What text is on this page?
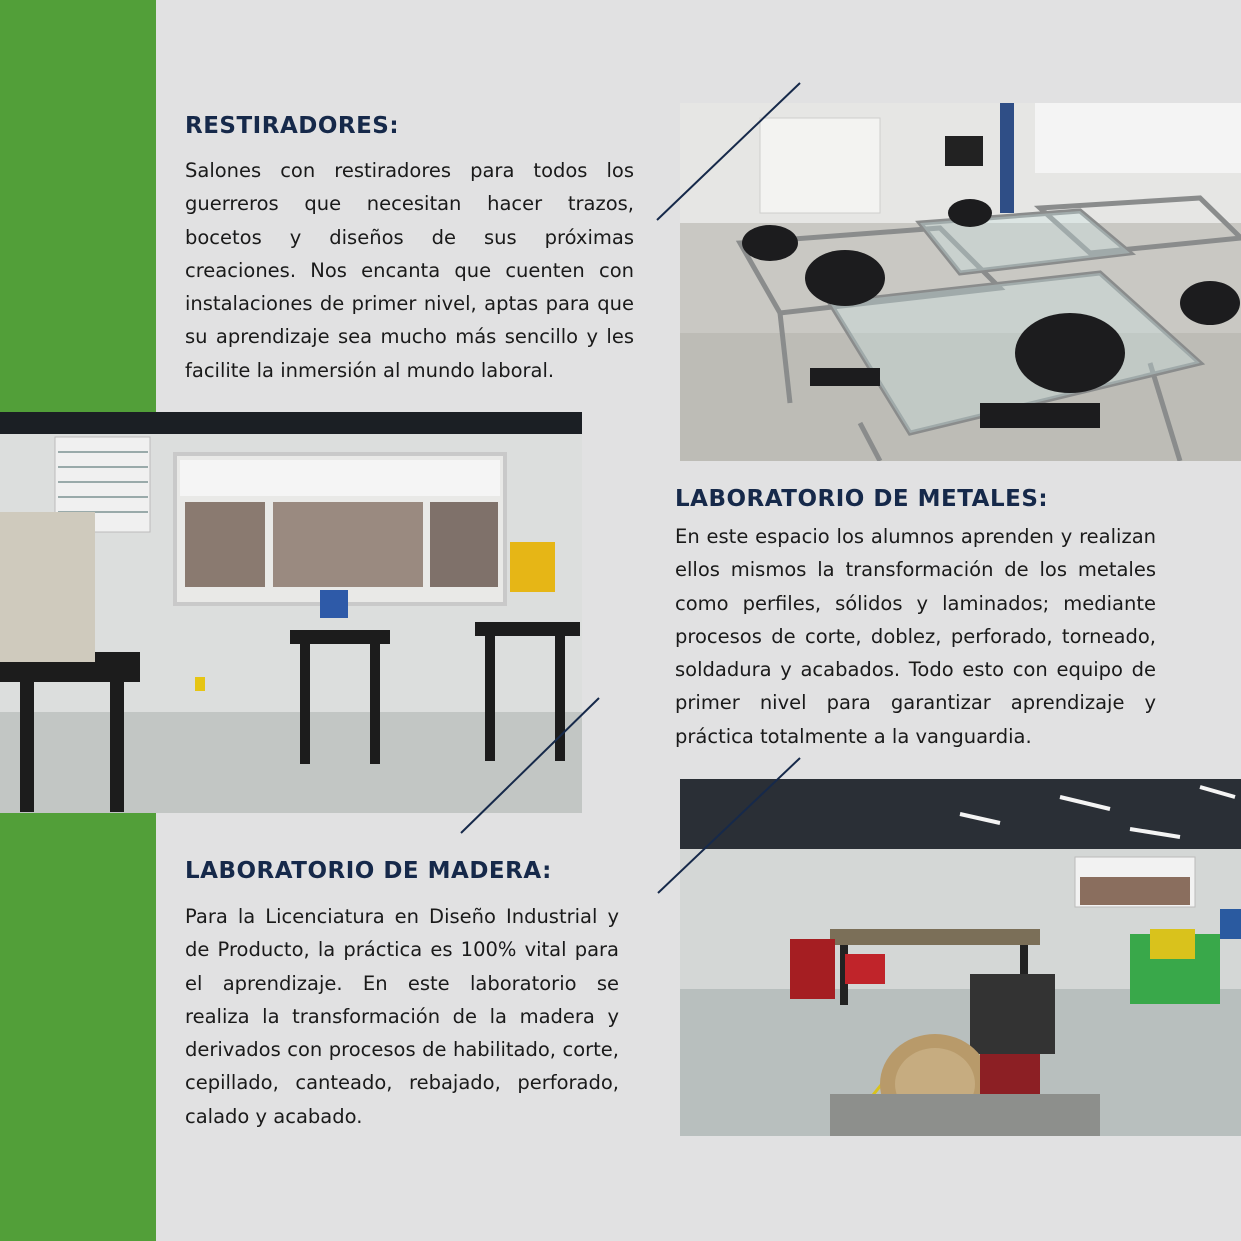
RESTIRADORES:

Salones con restiradores para todos los guerreros que necesitan hacer trazos, bocetos y diseños de sus próximas creaciones. Nos encanta que cuenten con instalaciones de primer nivel, aptas para que su aprendizaje sea mucho más sencillo y les facilite la inmersión al mundo laboral.

LABORATORIO DE METALES:

En este espacio los alumnos aprenden y realizan ellos mismos la transformación de los metales como perfiles, sólidos y laminados; mediante procesos de corte, doblez, perforado, torneado, soldadura y acabados. Todo esto con equipo de primer nivel para garantizar aprendizaje y práctica totalmente a la vanguardia.

LABORATORIO DE MADERA:

Para la Licenciatura en Diseño Industrial y de Producto, la práctica es 100% vital para el aprendizaje. En este laboratorio se realiza la transformación de la madera y derivados con procesos de habilitado, corte, cepillado, canteado, rebajado, perforado, calado y acabado.
